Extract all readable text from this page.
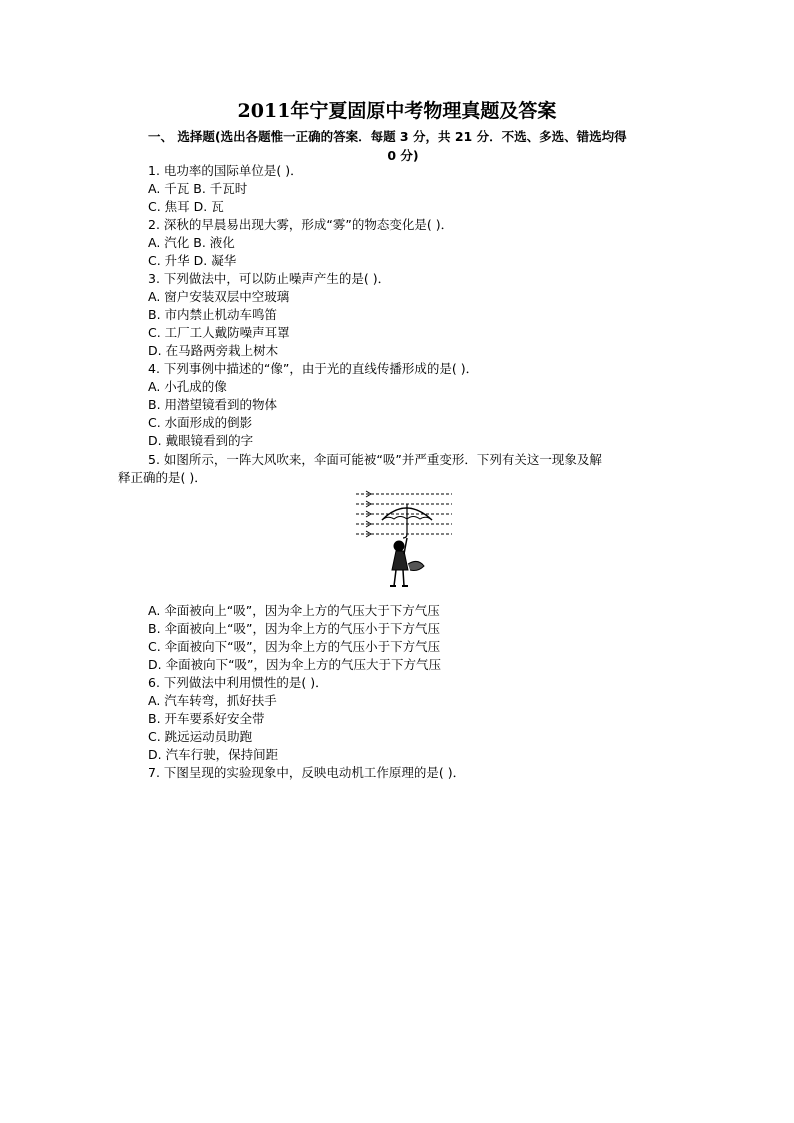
2011年宁夏固原中考物理真题及答案
一、 选择题(选出各题惟一正确的答案．每题 3 分，共 21 分．不选、多选、错选均得
0 分)
1. 电功率的国际单位是( )．
A. 千瓦 B. 千瓦时
C. 焦耳 D. 瓦
2. 深秋的早晨易出现大雾，形成“雾”的物态变化是( )．
A. 汽化 B. 液化
C. 升华 D. 凝华
3. 下列做法中，可以防止噪声产生的是( )．
A. 窗户安装双层中空玻璃
B. 市内禁止机动车鸣笛
C. 工厂工人戴防噪声耳罩
D. 在马路两旁栽上树木
4. 下列事例中描述的“像”，由于光的直线传播形成的是( )．
A. 小孔成的像
B. 用潜望镜看到的物体
C. 水面形成的倒影
D. 戴眼镜看到的字
5. 如图所示，一阵大风吹来，伞面可能被“吸”并严重变形．下列有关这一现象及解
释正确的是( )．
A. 伞面被向上“吸”，因为伞上方的气压大于下方气压
B. 伞面被向上“吸”，因为伞上方的气压小于下方气压
C. 伞面被向下“吸”，因为伞上方的气压小于下方气压
D. 伞面被向下“吸”，因为伞上方的气压大于下方气压
6. 下列做法中利用惯性的是( )．
A. 汽车转弯，抓好扶手
B. 开车要系好安全带
C. 跳远运动员助跑
D. 汽车行驶，保持间距
7. 下图呈现的实验现象中，反映电动机工作原理的是( )．
